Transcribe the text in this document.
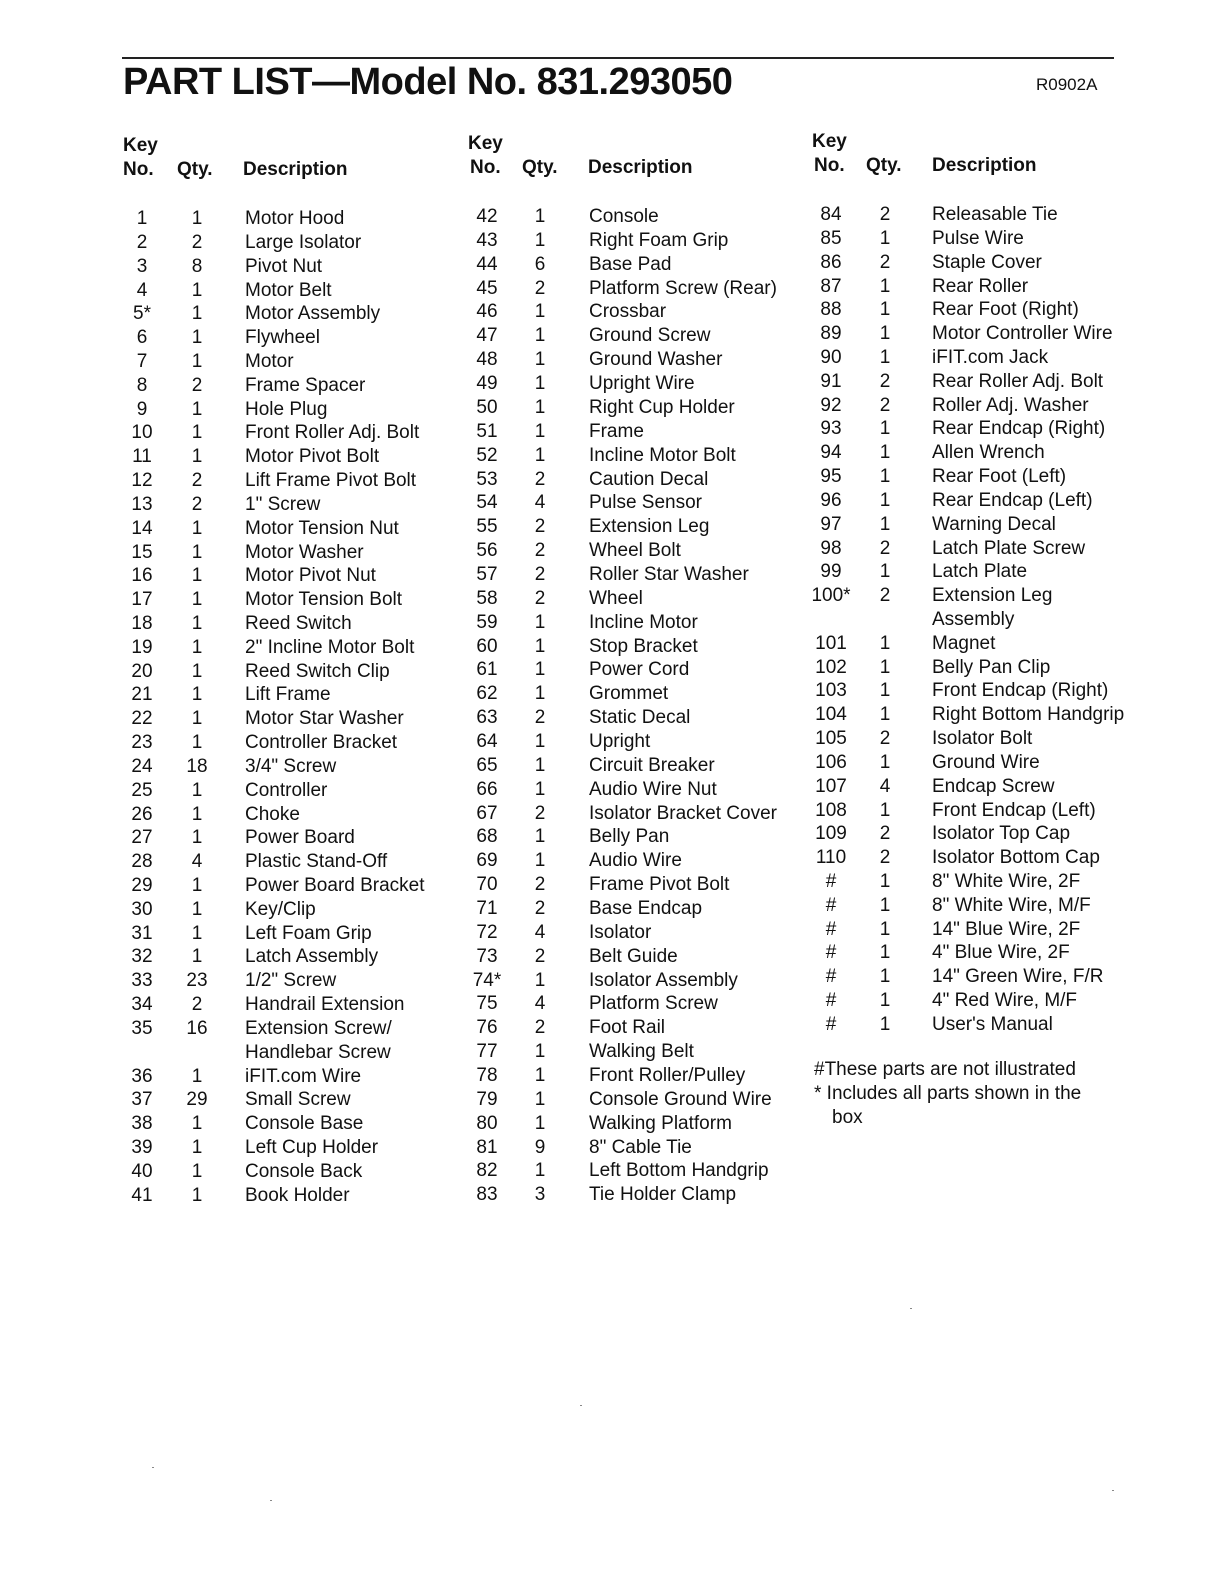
PART LIST—Model No. 831.293050	R0902A
Key
No. Qty. Description
1	1	Motor Hood
2	2	Large Isolator
3	8	Pivot Nut
4	1	Motor Belt
5*	1	Motor Assembly
6	1	Flywheel
7	1	Motor
8	2	Frame Spacer
9	1	Hole Plug
10	1	Front Roller Adj. Bolt
11	1	Motor Pivot Bolt
12	2	Lift Frame Pivot Bolt
13	2	1" Screw
14	1	Motor Tension Nut
15	1	Motor Washer
16	1	Motor Pivot Nut
17	1	Motor Tension Bolt
18	1	Reed Switch
19	1	2" Incline Motor Bolt
20	1	Reed Switch Clip
21	1	Lift Frame
22	1	Motor Star Washer
23	1	Controller Bracket
24	18	3/4" Screw
25	1	Controller
26	1	Choke
27	1	Power Board
28	4	Plastic Stand-Off
29	1	Power Board Bracket
30	1	Key/Clip
31	1	Left Foam Grip
32	1	Latch Assembly
33	23	1/2" Screw
34	2	Handrail Extension
35	16	Extension Screw/
Handlebar Screw
36	1	iFIT.com Wire
37	29	Small Screw
38	1	Console Base
39	1	Left Cup Holder
40	1	Console Back
41	1	Book Holder
Key
No. Qty. Description
42	1	Console
43	1	Right Foam Grip
44	6	Base Pad
45	2	Platform Screw (Rear)
46	1	Crossbar
47	1	Ground Screw
48	1	Ground Washer
49	1	Upright Wire
50	1	Right Cup Holder
51	1	Frame
52	1	Incline Motor Bolt
53	2	Caution Decal
54	4	Pulse Sensor
55	2	Extension Leg
56	2	Wheel Bolt
57	2	Roller Star Washer
58	2	Wheel
59	1	Incline Motor
60	1	Stop Bracket
61	1	Power Cord
62	1	Grommet
63	2	Static Decal
64	1	Upright
65	1	Circuit Breaker
66	1	Audio Wire Nut
67	2	Isolator Bracket Cover
68	1	Belly Pan
69	1	Audio Wire
70	2	Frame Pivot Bolt
71	2	Base Endcap
72	4	Isolator
73	2	Belt Guide
74*	1	Isolator Assembly
75	4	Platform Screw
76	2	Foot Rail
77	1	Walking Belt
78	1	Front Roller/Pulley
79	1	Console Ground Wire
80	1	Walking Platform
81	9	8" Cable Tie
82	1	Left Bottom Handgrip
83	3	Tie Holder Clamp
Key
No. Qty. Description
84	2	Releasable Tie
85	1	Pulse Wire
86	2	Staple Cover
87	1	Rear Roller
88	1	Rear Foot (Right)
89	1	Motor Controller Wire
90	1	iFIT.com Jack
91	2	Rear Roller Adj. Bolt
92	2	Roller Adj. Washer
93	1	Rear Endcap (Right)
94	1	Allen Wrench
95	1	Rear Foot (Left)
96	1	Rear Endcap (Left)
97	1	Warning Decal
98	2	Latch Plate Screw
99	1	Latch Plate
100*	2	Extension Leg
Assembly
101	1	Magnet
102	1	Belly Pan Clip
103	1	Front Endcap (Right)
104	1	Right Bottom Handgrip
105	2	Isolator Bolt
106	1	Ground Wire
107	4	Endcap Screw
108	1	Front Endcap (Left)
109	2	Isolator Top Cap
110	2	Isolator Bottom Cap
#	1	8" White Wire, 2F
#	1	8" White Wire, M/F
#	1	14" Blue Wire, 2F
#	1	4" Blue Wire, 2F
#	1	14" Green Wire, F/R
#	1	4" Red Wire, M/F
#	1	User's Manual
#These parts are not illustrated
* Includes all parts shown in the
box
